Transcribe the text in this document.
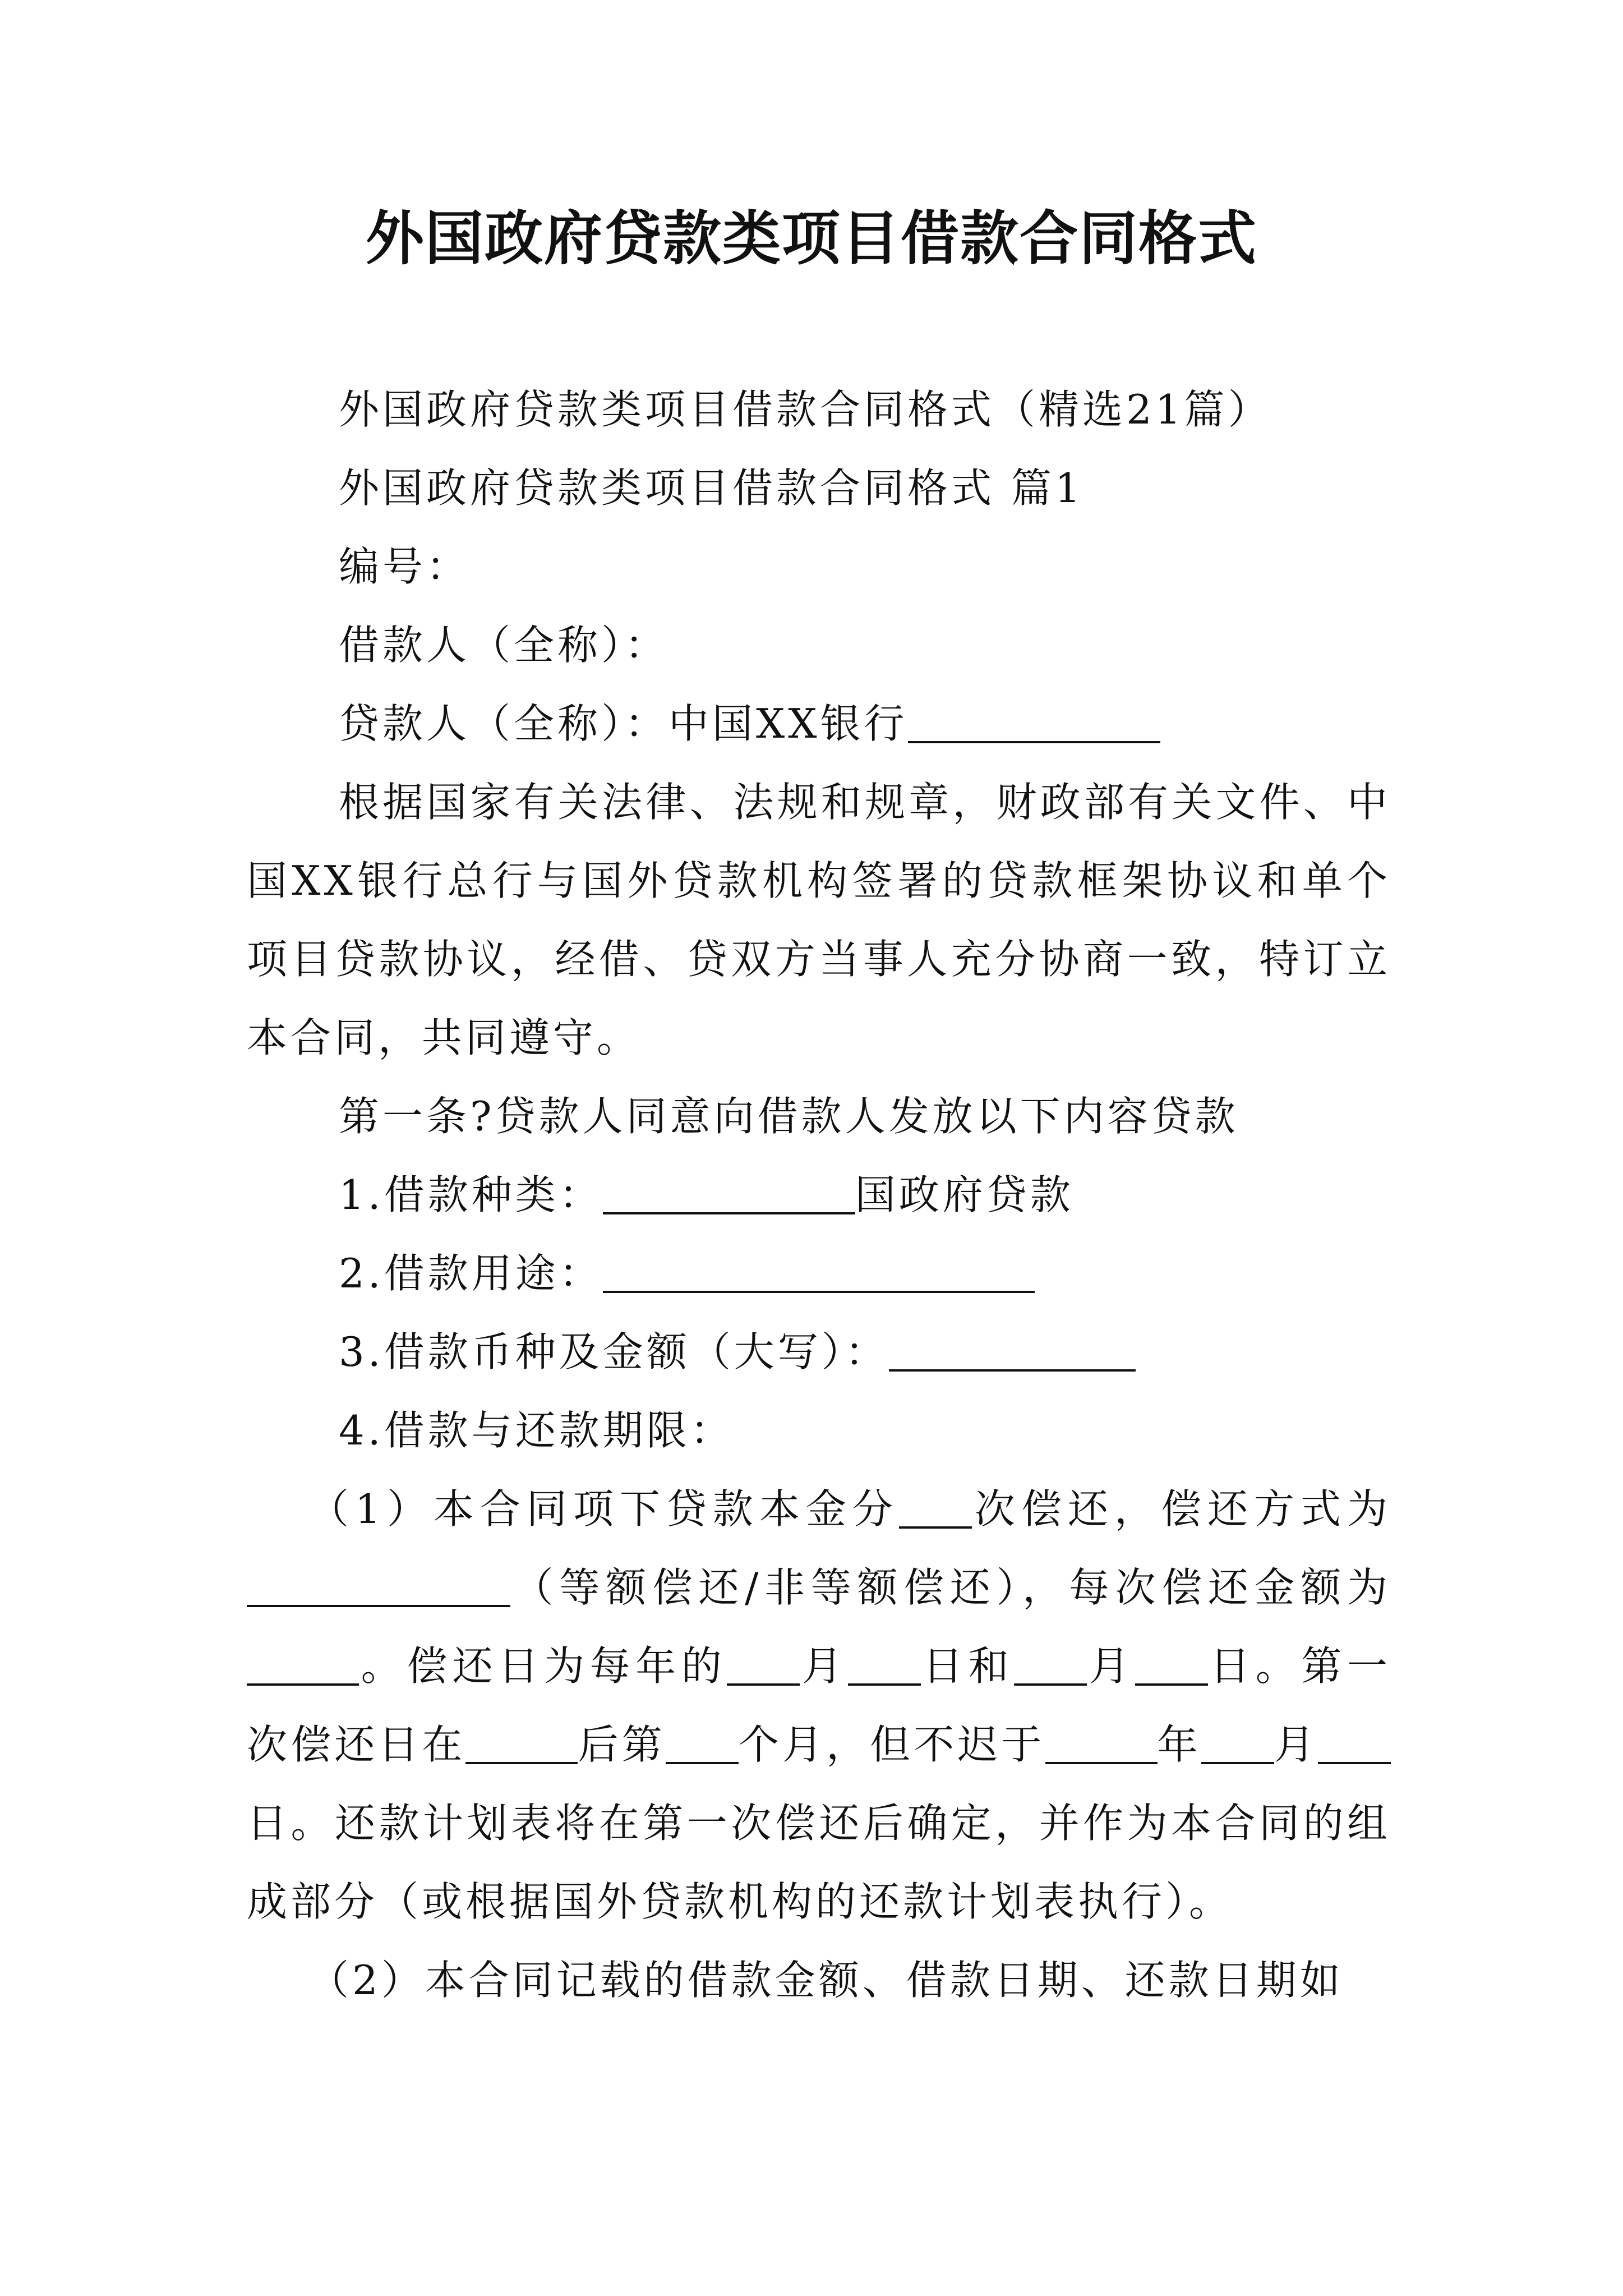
外国政府贷款类项目借款合同格式

外国政府贷款类项目借款合同格式（精选21篇）

外国政府贷款类项目借款合同格式 篇1

编号：

借款人（全称）：

贷款人（全称）：中国XX银行

根据国家有关法律、法规和规章，财政部有关文件、中国XX银行总行与国外贷款机构签署的贷款框架协议和单个项目贷款协议，经借、贷双方当事人充分协商一致，特订立本合同，共同遵守。

第一条?贷款人同意向借款人发放以下内容贷款

1.借款种类：	国政府贷款

2.借款用途：

3.借款币种及金额（大写）：

4.借款与还款期限：

（1）本合同项下贷款本金分 次偿还，偿还方式为（等额偿还/非等额偿还），每次偿还金额为。偿还日为每年的 月 日和 月 日。第一次偿还日在	后第 个月，但不迟于	年 月日。还款计划表将在第一次偿还后确定，并作为本合同的组成部分（或根据国外贷款机构的还款计划表执行）。

（2）本合同记载的借款金额、借款日期、还款日期如
